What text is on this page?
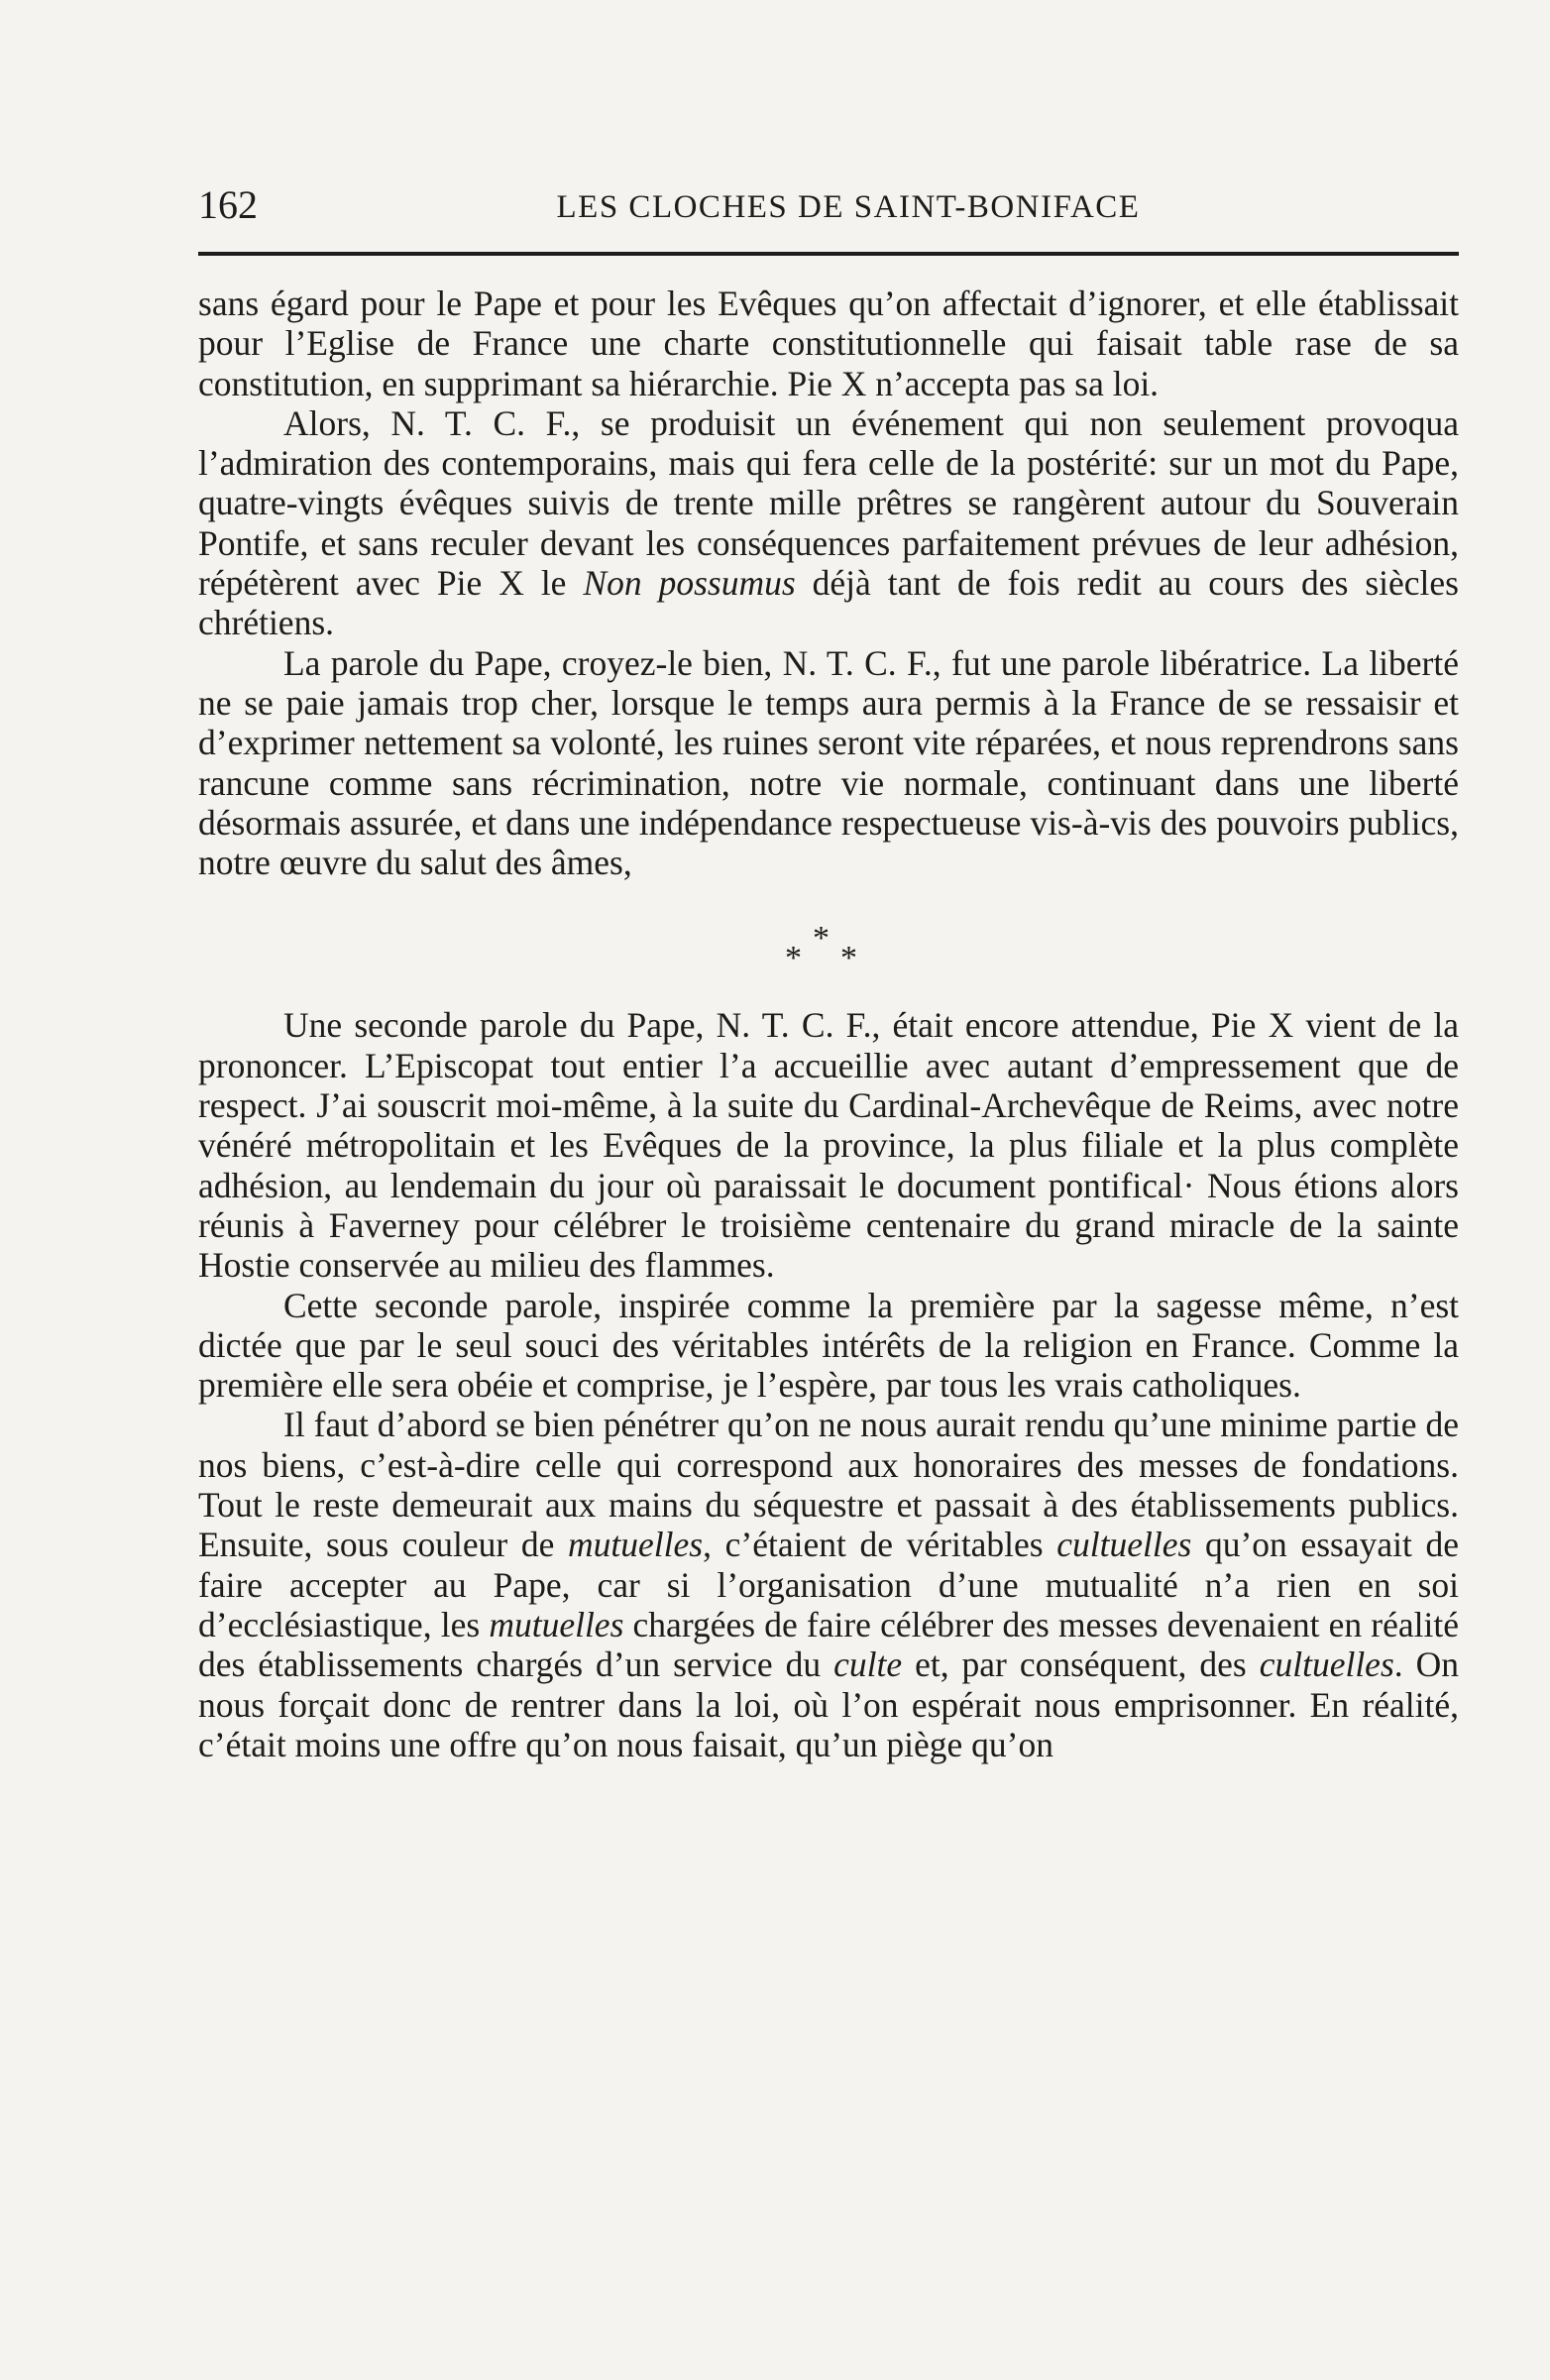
162	LES CLOCHES DE SAINT-BONIFACE

sans égard pour le Pape et pour les Evêques qu’on affectait d’ignorer, et elle établissait pour l’Eglise de France une charte constitutionnelle qui faisait table rase de sa constitution, en supprimant sa hiérarchie. Pie X n’accepta pas sa loi.

Alors, N. T. C. F., se produisit un événement qui non seulement provoqua l’admiration des contemporains, mais qui fera celle de la postérité: sur un mot du Pape, quatre-vingts évêques suivis de trente mille prêtres se rangèrent autour du Souverain Pontife, et sans reculer devant les conséquences parfaitement prévues de leur adhésion, répétèrent avec Pie X le Non possumus déjà tant de fois redit au cours des siècles chrétiens.

La parole du Pape, croyez-le bien, N. T. C. F., fut une parole libératrice. La liberté ne se paie jamais trop cher, lorsque le temps aura permis à la France de se ressaisir et d’exprimer nettement sa volonté, les ruines seront vite réparées, et nous reprendrons sans rancune comme sans récrimination, notre vie normale, continuant dans une liberté désormais assurée, et dans une indépendance respectueuse vis-à-vis des pouvoirs publics, notre œuvre du salut des âmes,

*
* *

Une seconde parole du Pape, N. T. C. F., était encore attendue, Pie X vient de la prononcer. L’Episcopat tout entier l’a accueillie avec autant d’empressement que de respect. J’ai souscrit moi-même, à la suite du Cardinal-Archevêque de Reims, avec notre vénéré métropolitain et les Evêques de la province, la plus filiale et la plus complète adhésion, au lendemain du jour où paraissait le document pontifical· Nous étions alors réunis à Faverney pour célébrer le troisième centenaire du grand miracle de la sainte Hostie conservée au milieu des flammes.

Cette seconde parole, inspirée comme la première par la sagesse même, n’est dictée que par le seul souci des véritables intérêts de la religion en France. Comme la première elle sera obéie et comprise, je l’espère, par tous les vrais catholiques.

Il faut d’abord se bien pénétrer qu’on ne nous aurait rendu qu’une minime partie de nos biens, c’est-à-dire celle qui correspond aux honoraires des messes de fondations. Tout le reste demeurait aux mains du séquestre et passait à des établissements publics. Ensuite, sous couleur de mutuelles, c’étaient de véritables cultuelles qu’on essayait de faire accepter au Pape, car si l’organisation d’une mutualité n’a rien en soi d’ecclésiastique, les mutuelles chargées de faire célébrer des messes devenaient en réalité des établissements chargés d’un service du culte et, par conséquent, des cultuelles. On nous forçait donc de rentrer dans la loi, où l’on espérait nous emprisonner. En réalité, c’était moins une offre qu’on nous faisait, qu’un piège qu’on
